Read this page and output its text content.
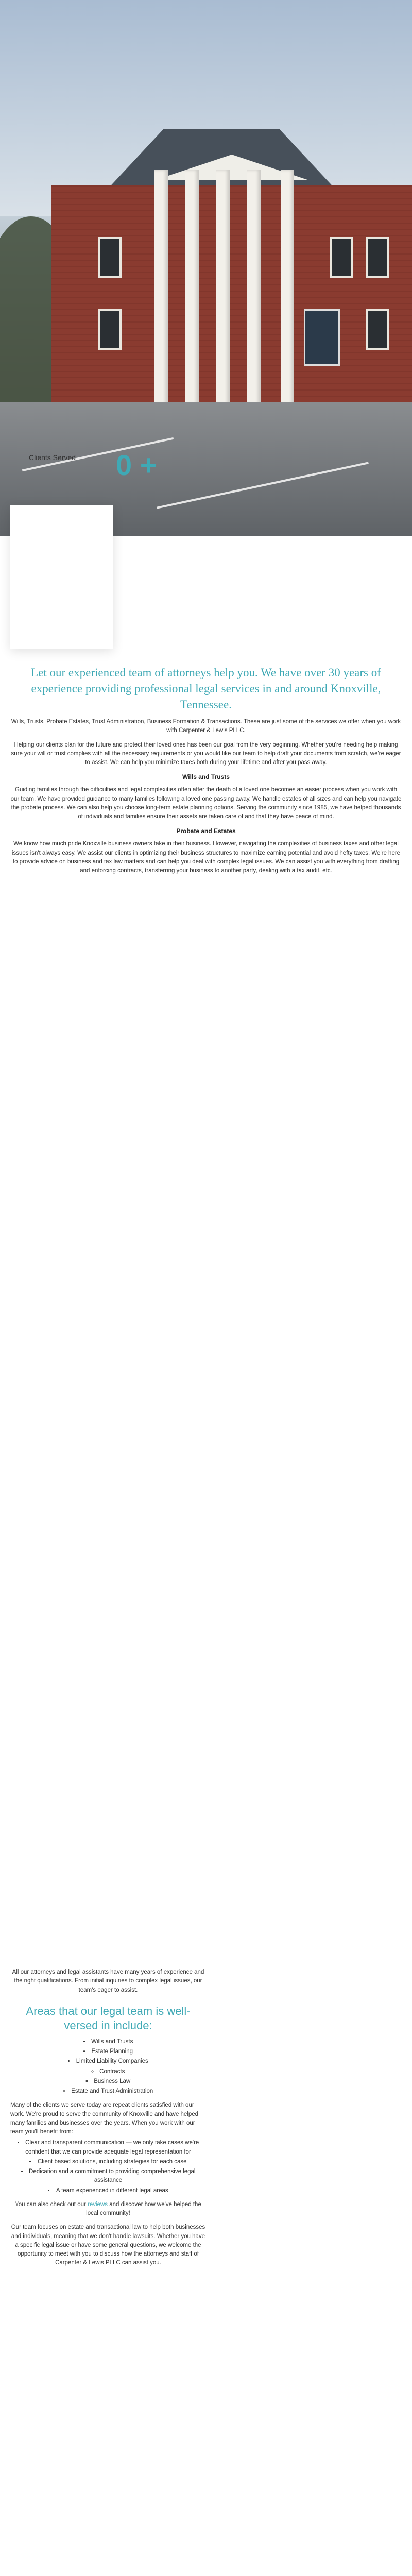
Clients Served 0 +
Let our experienced team of attorneys help you. We have over 30 years of experience providing professional legal services in and around Knoxville, Tennessee.

Wills, Trusts, Probate Estates, Trust Administration, Business Formation & Transactions. These are just some of the services we offer when you work with Carpenter & Lewis PLLC.

Helping our clients plan for the future and protect their loved ones has been our goal from the very beginning. Whether you're needing help making sure your will or trust complies with all the necessary requirements or you would like our team to help draft your documents from scratch, we're eager to assist. We can help you minimize taxes both during your lifetime and after you pass away.

Wills and Trusts

Guiding families through the difficulties and legal complexities often after the death of a loved one becomes an easier process when you work with our team. We have provided guidance to many families following a loved one passing away. We handle estates of all sizes and can help you navigate the probate process. We can also help you choose long-term estate planning options. Serving the community since 1985, we have helped thousands of individuals and families ensure their assets are taken care of and that they have peace of mind.

Probate and Estates

We know how much pride Knoxville business owners take in their business. However, navigating the complexities of business taxes and other legal issues isn't always easy. We assist our clients in optimizing their business structures to maximize earning potential and avoid hefty taxes. We're here to provide advice on business and tax law matters and can help you deal with complex legal issues. We can assist you with everything from drafting and enforcing contracts, transferring your business to another party, dealing with a tax audit, etc.

All our attorneys and legal assistants have many years of experience and the right qualifications. From initial inquiries to complex legal issues, our team's eager to assist.
Areas that our legal team is well-versed in include:
• Wills and Trusts
• Estate Planning
• Limited Liability Companies
◦ Contracts
◦ Business Law
• Estate and Trust Administration
Many of the clients we serve today are repeat clients satisfied with our work. We're proud to serve the community of Knoxville and have helped many families and businesses over the years. When you work with our team you'll benefit from:
• Clear and transparent communication — we only take cases we're confident that we can provide adequate legal representation for
• Client based solutions, including strategies for each case
• Dedication and a commitment to providing comprehensive legal assistance
• A team experienced in different legal areas
You can also check out our reviews and discover how we've helped the local community!
Our team focuses on estate and transactional law to help both businesses and individuals, meaning that we don't handle lawsuits. Whether you have a specific legal issue or have some general questions, we welcome the opportunity to meet with you to discuss how the attorneys and staff of Carpenter & Lewis PLLC can assist you.
